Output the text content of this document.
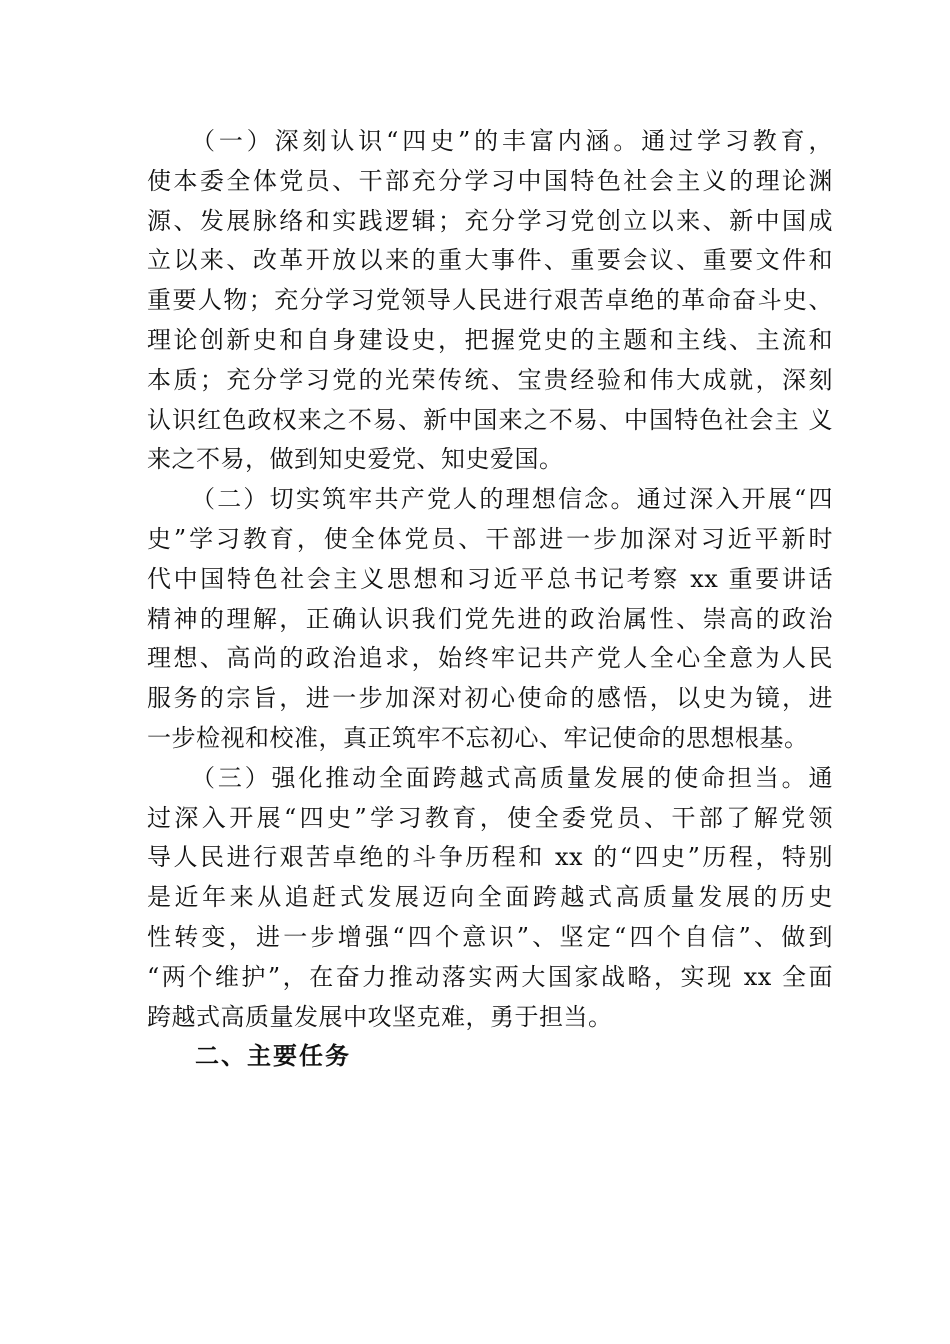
（一）深刻认识“四史”的丰富内涵。通过学习教育，
使本委全体党员、干部充分学习中国特色社会主义的理论渊
源、发展脉络和实践逻辑；充分学习党创立以来、新中国成
立以来、改革开放以来的重大事件、重要会议、重要文件和
重要人物；充分学习党领导人民进行艰苦卓绝的革命奋斗史、
理论创新史和自身建设史，把握党史的主题和主线、主流和
本质；充分学习党的光荣传统、宝贵经验和伟大成就，深刻
认识红色政权来之不易、新中国来之不易、中国特色社会主 义
来之不易，做到知史爱党、知史爱国。
（二）切实筑牢共产党人的理想信念。通过深入开展“四
史”学习教育，使全体党员、干部进一步加深对习近平新时
代中国特色社会主义思想和习近平总书记考察 xx 重要讲话
精神的理解，正确认识我们党先进的政治属性、崇高的政治
理想、高尚的政治追求，始终牢记共产党人全心全意为人民
服务的宗旨，进一步加深对初心使命的感悟，以史为镜，进
一步检视和校准，真正筑牢不忘初心、牢记使命的思想根基。
（三）强化推动全面跨越式高质量发展的使命担当。通
过深入开展“四史”学习教育，使全委党员、干部了解党领
导人民进行艰苦卓绝的斗争历程和 xx 的“四史”历程，特别
是近年来从追赶式发展迈向全面跨越式高质量发展的历史
性转变，进一步增强“四个意识”、坚定“四个自信”、做到
“两个维护”，在奋力推动落实两大国家战略，实现 xx 全面
跨越式高质量发展中攻坚克难，勇于担当。
二、主要任务
